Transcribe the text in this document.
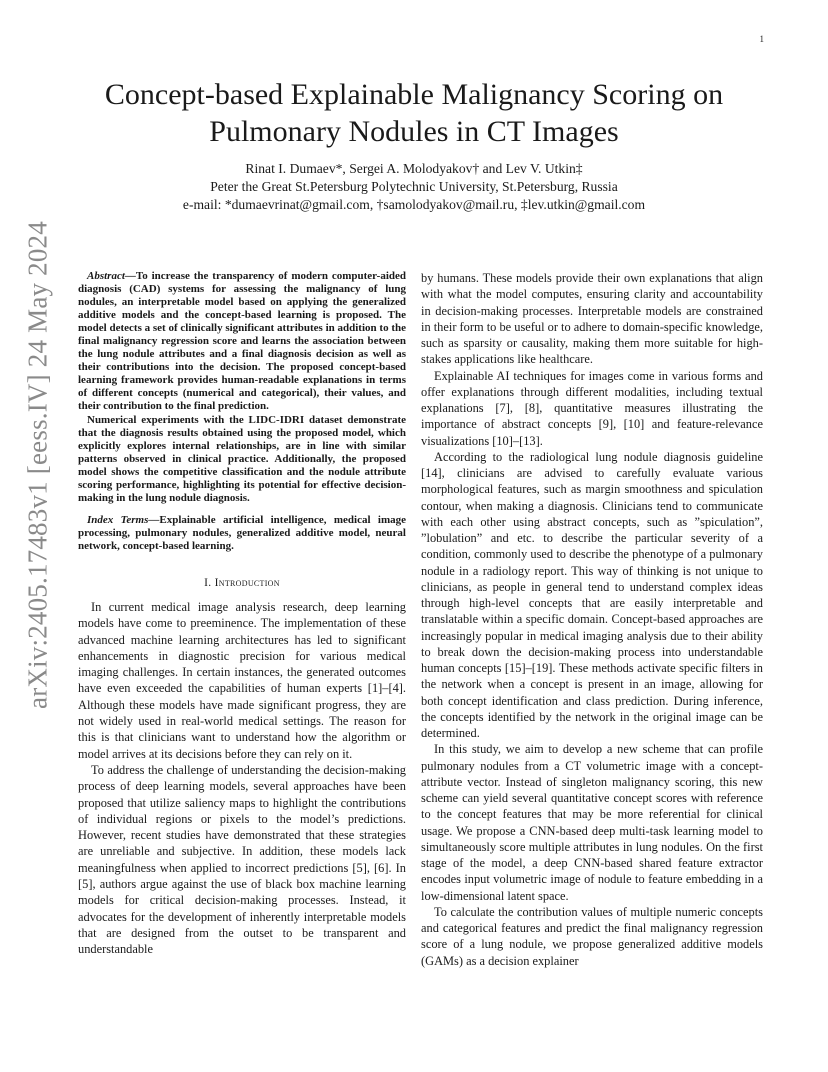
1
arXiv:2405.17483v1 [eess.IV] 24 May 2024
Concept-based Explainable Malignancy Scoring on
Pulmonary Nodules in CT Images
Rinat I. Dumaev*, Sergei A. Molodyakov† and Lev V. Utkin‡
Peter the Great St.Petersburg Polytechnic University, St.Petersburg, Russia
e-mail: *dumaevrinat@gmail.com, †samolodyakov@mail.ru, ‡lev.utkin@gmail.com

Abstract—To increase the transparency of modern computer-aided diagnosis (CAD) systems for assessing the malignancy of lung nodules, an interpretable model based on applying the generalized additive models and the concept-based learning is proposed. The model detects a set of clinically significant attributes in addition to the final malignancy regression score and learns the association between the lung nodule attributes and a final diagnosis decision as well as their contributions into the decision. The proposed concept-based learning framework provides human-readable explanations in terms of different concepts (numerical and categorical), their values, and their contribution to the final prediction.

Numerical experiments with the LIDC-IDRI dataset demonstrate that the diagnosis results obtained using the proposed model, which explicitly explores internal relationships, are in line with similar patterns observed in clinical practice. Additionally, the proposed model shows the competitive classification and the nodule attribute scoring performance, highlighting its potential for effective decision-making in the lung nodule diagnosis.

Index Terms—Explainable artificial intelligence, medical image processing, pulmonary nodules, generalized additive model, neural network, concept-based learning.

I. Introduction

In current medical image analysis research, deep learning models have come to preeminence. The implementation of these advanced machine learning architectures has led to significant enhancements in diagnostic precision for various medical imaging challenges. In certain instances, the generated outcomes have even exceeded the capabilities of human experts [1]–[4]. Although these models have made significant progress, they are not widely used in real-world medical settings. The reason for this is that clinicians want to understand how the algorithm or model arrives at its decisions before they can rely on it.

To address the challenge of understanding the decision-making process of deep learning models, several approaches have been proposed that utilize saliency maps to highlight the contributions of individual regions or pixels to the model’s predictions. However, recent studies have demonstrated that these strategies are unreliable and subjective. In addition, these models lack meaningfulness when applied to incorrect predictions [5], [6]. In [5], authors argue against the use of black box machine learning models for critical decision-making processes. Instead, it advocates for the development of inherently interpretable models that are designed from the outset to be transparent and understandable

by humans. These models provide their own explanations that align with what the model computes, ensuring clarity and accountability in decision-making processes. Interpretable models are constrained in their form to be useful or to adhere to domain-specific knowledge, such as sparsity or causality, making them more suitable for high-stakes applications like healthcare.

Explainable AI techniques for images come in various forms and offer explanations through different modalities, including textual explanations [7], [8], quantitative measures illustrating the importance of abstract concepts [9], [10] and feature-relevance visualizations [10]–[13].

According to the radiological lung nodule diagnosis guideline [14], clinicians are advised to carefully evaluate various morphological features, such as margin smoothness and spiculation contour, when making a diagnosis. Clinicians tend to communicate with each other using abstract concepts, such as ”spiculation”, ”lobulation” and etc. to describe the particular severity of a condition, commonly used to describe the phenotype of a pulmonary nodule in a radiology report. This way of thinking is not unique to clinicians, as people in general tend to understand complex ideas through high-level concepts that are easily interpretable and translatable within a specific domain. Concept-based approaches are increasingly popular in medical imaging analysis due to their ability to break down the decision-making process into understandable human concepts [15]–[19]. These methods activate specific filters in the network when a concept is present in an image, allowing for both concept identification and class prediction. During inference, the concepts identified by the network in the original image can be determined.

In this study, we aim to develop a new scheme that can profile pulmonary nodules from a CT volumetric image with a concept-attribute vector. Instead of singleton malignancy scoring, this new scheme can yield several quantitative concept scores with reference to the concept features that may be more referential for clinical usage. We propose a CNN-based deep multi-task learning model to simultaneously score multiple attributes in lung nodules. On the first stage of the model, a deep CNN-based shared feature extractor encodes input volumetric image of nodule to feature embedding in a low-dimensional latent space.

To calculate the contribution values of multiple numeric concepts and categorical features and predict the final malignancy regression score of a lung nodule, we propose generalized additive models (GAMs) as a decision explainer
